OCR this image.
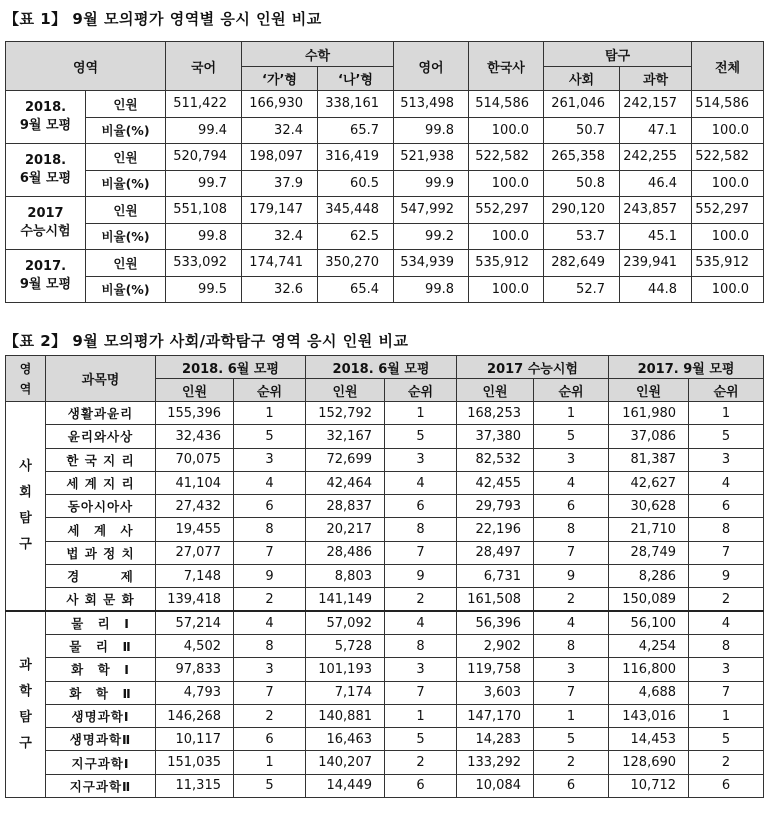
【표 1】 9월 모의평가 영역별 응시 인원 비교
영역		국어	수학		영어	한국사	탐구		전체
			‘가’형	‘나’형			사회	과학	

2018.
9월 모평	인원	511,422	166,930	338,161	513,498	514,586	261,046	242,157	514,586
	비율(%)	99.4	32.4	65.7	99.8	100.0	50.7	47.1	100.0

2018.
6월 모평	인원	520,794	198,097	316,419	521,938	522,582	265,358	242,255	522,582
	비율(%)	99.7	37.9	60.5	99.9	100.0	50.8	46.4	100.0

2017
수능시험	인원	551,108	179,147	345,448	547,992	552,297	290,120	243,857	552,297
	비율(%)	99.8	32.4	62.5	99.2	100.0	53.7	45.1	100.0

2017.
9월 모평	인원	533,092	174,741	350,270	534,939	535,912	282,649	239,941	535,912
	비율(%)	99.5	32.6	65.4	99.8	100.0	52.7	44.8	100.0
【표 2】 9월 모의평가 사회/과학탐구 영역 응시 인원 비교
영
역	과목명	2018. 6월 모평		2018. 6월 모평		2017 수능시험		2017. 9월 모평	
		인원	순위	인원	순위	인원	순위	인원	순위

사
회
탐
구	생활과윤리	155,396	1	152,792	1	168,253	1	161,980	1
	윤리와사상	32,436	5	32,167	5	37,380	5	37,086	5
	한 국 지 리	70,075	3	72,699	3	82,532	3	81,387	3
	세 계 지 리	41,104	4	42,464	4	42,455	4	42,627	4
	동아시아사	27,432	6	28,837	6	29,793	6	30,628	6
	세　계　사	19,455	8	20,217	8	22,196	8	21,710	8
	법 과 정 치	27,077	7	28,486	7	28,497	7	28,749	7
	경　　　제	7,148	9	8,803	9	6,731	9	8,286	9
	사 회 문 화	139,418	2	141,149	2	161,508	2	150,089	2

과
학
탐
구	물　리　Ⅰ	57,214	4	57,092	4	56,396	4	56,100	4
	물　리　Ⅱ	4,502	8	5,728	8	2,902	8	4,254	8
	화　학　Ⅰ	97,833	3	101,193	3	119,758	3	116,800	3
	화　학　Ⅱ	4,793	7	7,174	7	3,603	7	4,688	7
	생명과학Ⅰ	146,268	2	140,881	1	147,170	1	143,016	1
	생명과학Ⅱ	10,117	6	16,463	5	14,283	5	14,453	5
	지구과학Ⅰ	151,035	1	140,207	2	133,292	2	128,690	2
	지구과학Ⅱ	11,315	5	14,449	6	10,084	6	10,712	6
